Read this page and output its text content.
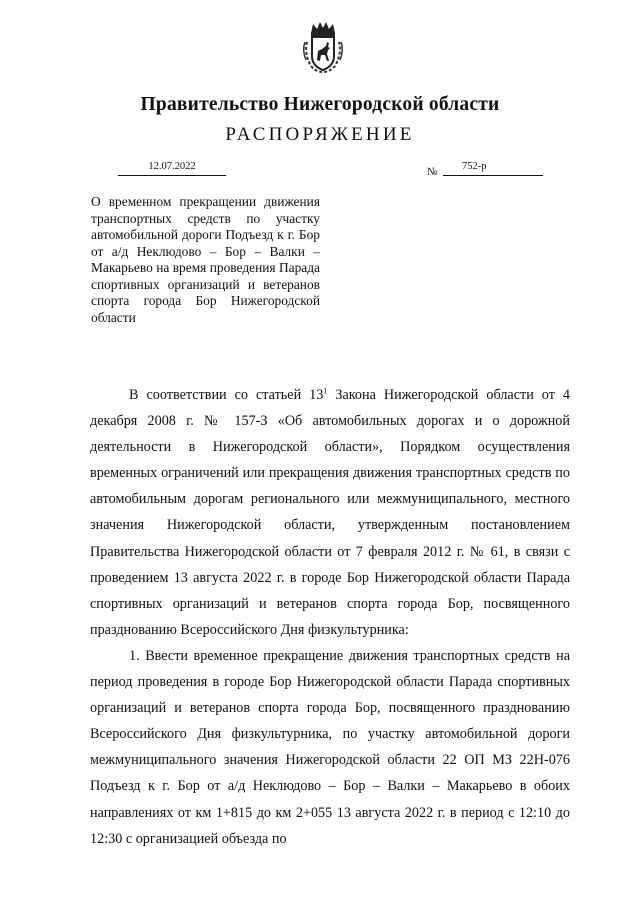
Правительство Нижегородской области
РАСПОРЯЖЕНИЕ
12.07.2022	№	752-р
О временном прекращении движения транспортных средств по участку автомобильной дороги Подъезд к г. Бор от а/д Неклюдово – Бор – Валки – Макарьево на время проведения Парада спортивных организаций и ветеранов спорта города Бор Нижегородской области

В соответствии со статьей $13^1$ Закона Нижегородской области от 4 декабря 2008 г. № 157-З «Об автомобильных дорогах и о дорожной деятельности в Нижегородской области», Порядком осуществления временных ограничений или прекращения движения транспортных средств по автомобильным дорогам регионального или межмуниципального, местного значения Нижегородской области, утвержденным постановлением Правительства Нижегородской области от 7 февраля 2012 г. № 61, в связи с проведением 13 августа 2022 г. в городе Бор Нижегородской области Парада спортивных организаций и ветеранов спорта города Бор, посвященного празднованию Всероссийского Дня физкультурника:

1. Ввести временное прекращение движения транспортных средств на период проведения в городе Бор Нижегородской области Парада спортивных организаций и ветеранов спорта города Бор, посвященного празднованию Всероссийского Дня физкультурника, по участку автомобильной дороги межмуниципального значения Нижегородской области 22 ОП МЗ 22Н-076 Подъезд к г. Бор от а/д Неклюдово – Бор – Валки – Макарьево в обоих направлениях от км 1+815 до км 2+055 13 августа 2022 г. в период с 12:10 до 12:30 с организацией объезда по
